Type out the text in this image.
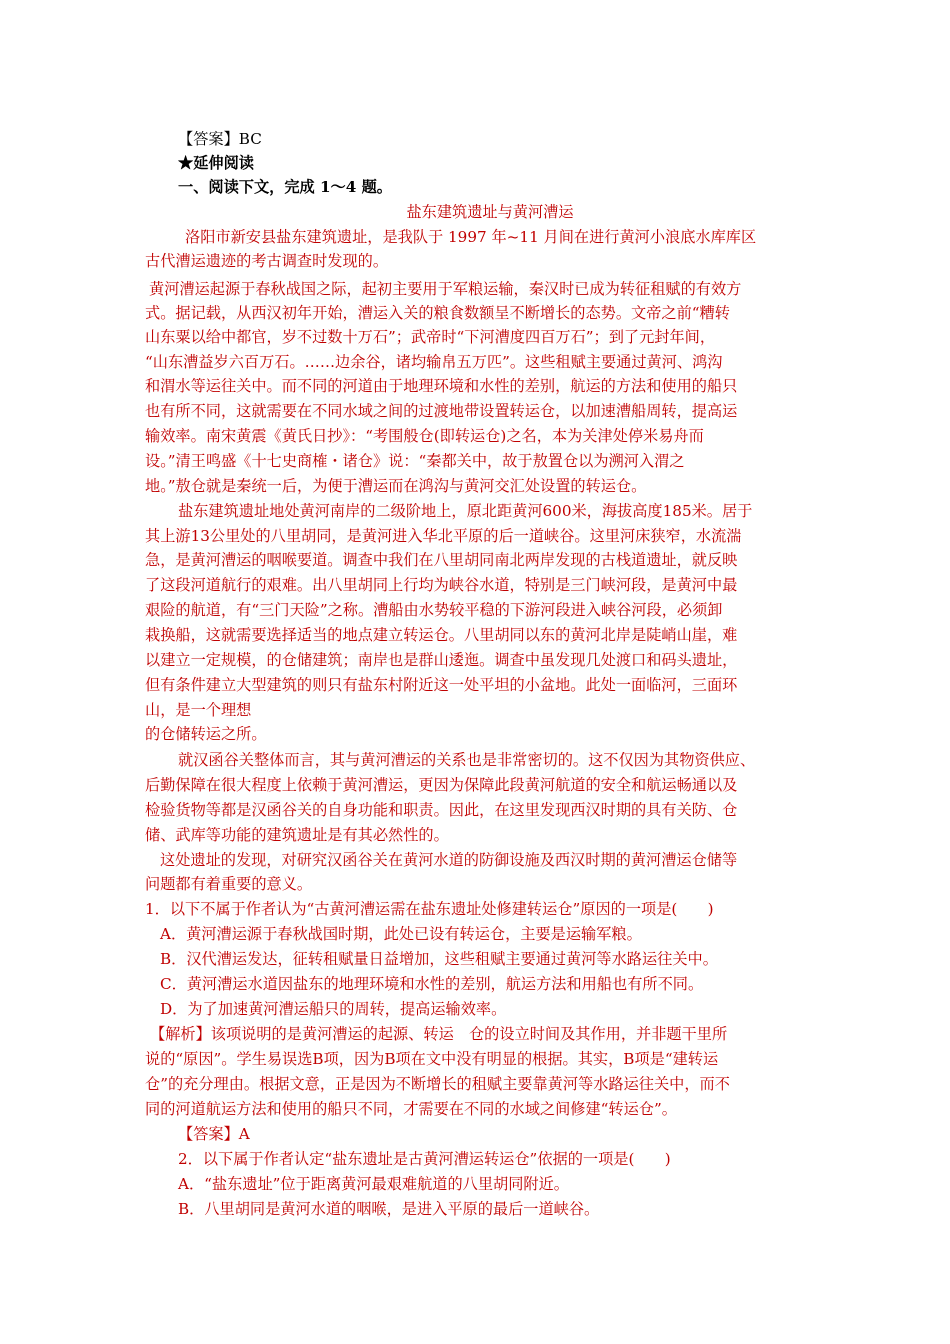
【答案】BC
★延伸阅读
一、阅读下文，完成 1～4 题。
盐东建筑遗址与黄河漕运
洛阳市新安县盐东建筑遗址，是我队于 1997 年~11 月间在进行黄河小浪底水库库区
古代漕运遗迹的考古调查时发现的。
黄河漕运起源于春秋战国之际，起初主要用于军粮运输，秦汉时已成为转征租赋的有效方
式。据记载，从西汉初年开始，漕运入关的粮食数额呈不断增长的态势。文帝之前“糟转
山东粟以给中都官，岁不过数十万石”；武帝时“下河漕度四百万石”；到了元封年间，
“山东漕益岁六百万石。……边余谷，诸均输帛五万匹”。这些租赋主要通过黄河、鸿沟
和渭水等运往关中。而不同的河道由于地理环境和水性的差别，航运的方法和使用的船只
也有所不同，这就需要在不同水域之间的过渡地带设置转运仓，以加速漕船周转，提高运
输效率。南宋黄震《黄氏日抄》：“考围般仓(即转运仓)之名，本为关津处停米易舟而
设。”清王鸣盛《十七史商榷・诸仓》说：“秦都关中，故于敖置仓以为溯河入渭之
地。”敖仓就是秦统一后，为便于漕运而在鸿沟与黄河交汇处设置的转运仓。
盐东建筑遗址地处黄河南岸的二级阶地上，原北距黄河600米，海拔高度185米。居于
其上游13公里处的八里胡同，是黄河进入华北平原的后一道峡谷。这里河床狭窄，水流湍
急，是黄河漕运的咽喉要道。调查中我们在八里胡同南北两岸发现的古栈道遗址，就反映
了这段河道航行的艰难。出八里胡同上行均为峡谷水道，特别是三门峡河段，是黄河中最
艰险的航道，有“三门天险”之称。漕船由水势较平稳的下游河段进入峡谷河段，必须卸
栽换船，这就需要选择适当的地点建立转运仓。八里胡同以东的黄河北岸是陡峭山崖，难
以建立一定规模，的仓储建筑；南岸也是群山逶迤。调查中虽发现几处渡口和码头遗址，
但有条件建立大型建筑的则只有盐东村附近这一处平坦的小盆地。此处一面临河，三面环
山，是一个理想
的仓储转运之所。
就汉函谷关整体而言，其与黄河漕运的关系也是非常密切的。这不仅因为其物资供应、
后勤保障在很大程度上依赖于黄河漕运，更因为保障此段黄河航道的安全和航运畅通以及
检验货物等都是汉函谷关的自身功能和职责。因此，在这里发现西汉时期的具有关防、仓
储、武库等功能的建筑遗址是有其必然性的。
这处遗址的发现，对研究汉函谷关在黄河水道的防御设施及西汉时期的黄河漕运仓储等
问题都有着重要的意义。
1．以下不属于作者认为“古黄河漕运需在盐东遗址处修建转运仓”原因的一项是(　　)
A．黄河漕运源于春秋战国时期，此处已设有转运仓，主要是运输军粮。
B．汉代漕运发达，征转租赋量日益增加，这些租赋主要通过黄河等水路运往关中。
C．黄河漕运水道因盐东的地理环境和水性的差别，航运方法和用船也有所不同。
D．为了加速黄河漕运船只的周转，提高运输效率。
【解析】该项说明的是黄河漕运的起源、转运　仓的设立时间及其作用，并非题干里所
说的“原因”。学生易误选B项，因为B项在文中没有明显的根据。其实，B项是“建转运
仓”的充分理由。根据文意，正是因为不断增长的租赋主要靠黄河等水路运往关中，而不
同的河道航运方法和使用的船只不同，才需要在不同的水域之间修建“转运仓”。
【答案】A
2．以下属于作者认定“盐东遗址是古黄河漕运转运仓”依据的一项是(　　)
A．“盐东遗址”位于距离黄河最艰难航道的八里胡同附近。
B．八里胡同是黄河水道的咽喉，是进入平原的最后一道峡谷。
